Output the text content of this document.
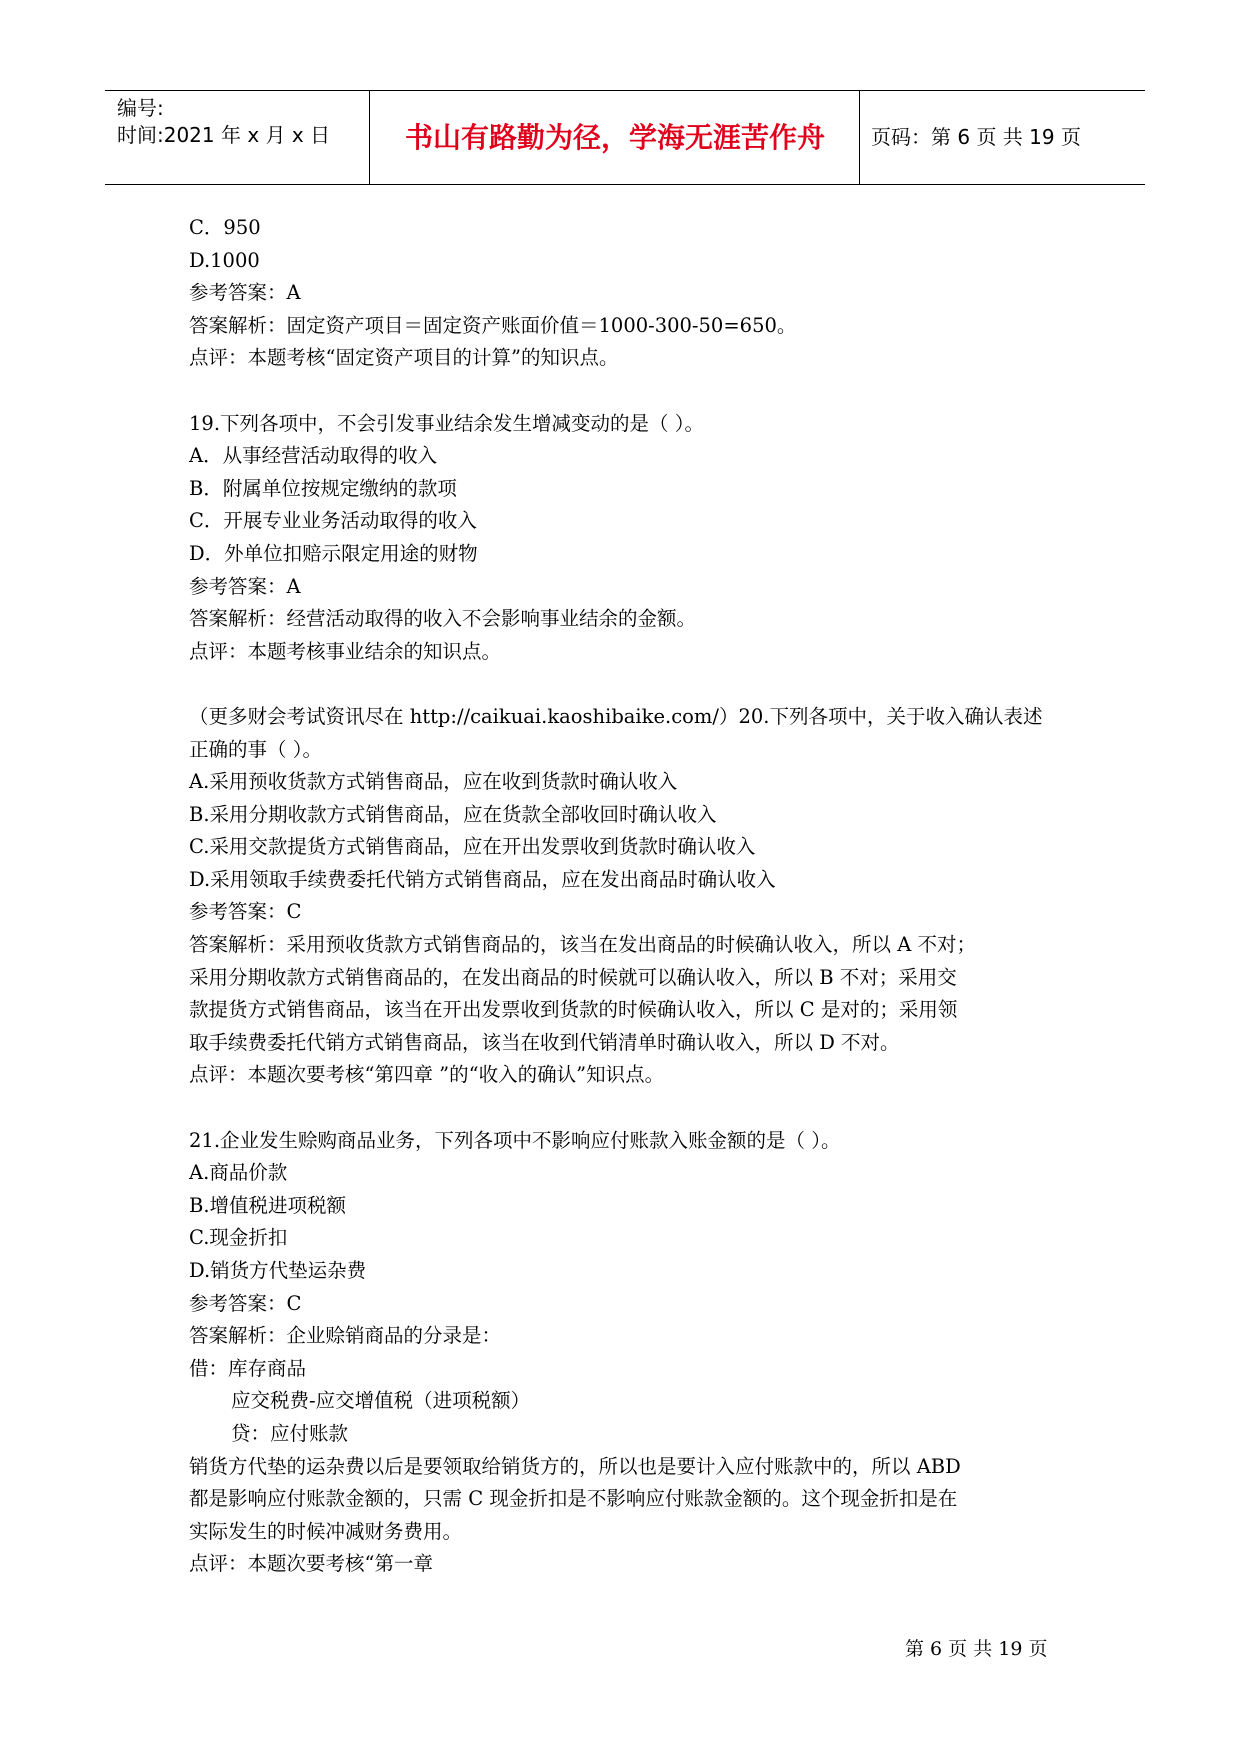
编号:
时间:2021 年 x 月 x 日	书山有路勤为径，学海无涯苦作舟	页码：第 6 页 共 19 页
C．950
D.1000
参考答案：A
答案解析：固定资产项目＝固定资产账面价值＝1000-300-50=650。
点评：本题考核“固定资产项目的计算”的知识点。
19.下列各项中，不会引发事业结余发生增减变动的是（ ）。
A．从事经营活动取得的收入
B．附属单位按规定缴纳的款项
C．开展专业业务活动取得的收入
D．外单位扣赔示限定用途的财物
参考答案：A
答案解析：经营活动取得的收入不会影响事业结余的金额。
点评：本题考核事业结余的知识点。
（更多财会考试资讯尽在 http://caikuai.kaoshibaike.com/）20.下列各项中，关于收入确认表述
正确的事（ ）。
A.采用预收货款方式销售商品，应在收到货款时确认收入
B.采用分期收款方式销售商品，应在货款全部收回时确认收入
C.采用交款提货方式销售商品，应在开出发票收到货款时确认收入
D.采用领取手续费委托代销方式销售商品，应在发出商品时确认收入
参考答案：C
答案解析：采用预收货款方式销售商品的，该当在发出商品的时候确认收入，所以 A 不对；
采用分期收款方式销售商品的，在发出商品的时候就可以确认收入，所以 B 不对；采用交
款提货方式销售商品，该当在开出发票收到货款的时候确认收入，所以 C 是对的；采用领
取手续费委托代销方式销售商品，该当在收到代销清单时确认收入，所以 D 不对。
点评：本题次要考核“第四章 ”的“收入的确认”知识点。
21.企业发生赊购商品业务，下列各项中不影响应付账款入账金额的是（ ）。
A.商品价款
B.增值税进项税额
C.现金折扣
D.销货方代垫运杂费
参考答案：C
答案解析：企业赊销商品的分录是：
借：库存商品
应交税费-应交增值税（进项税额）
贷：应付账款
销货方代垫的运杂费以后是要领取给销货方的，所以也是要计入应付账款中的，所以 ABD
都是影响应付账款金额的，只需 C 现金折扣是不影响应付账款金额的。这个现金折扣是在
实际发生的时候冲减财务费用。
点评：本题次要考核“第一章
第 6 页 共 19 页
